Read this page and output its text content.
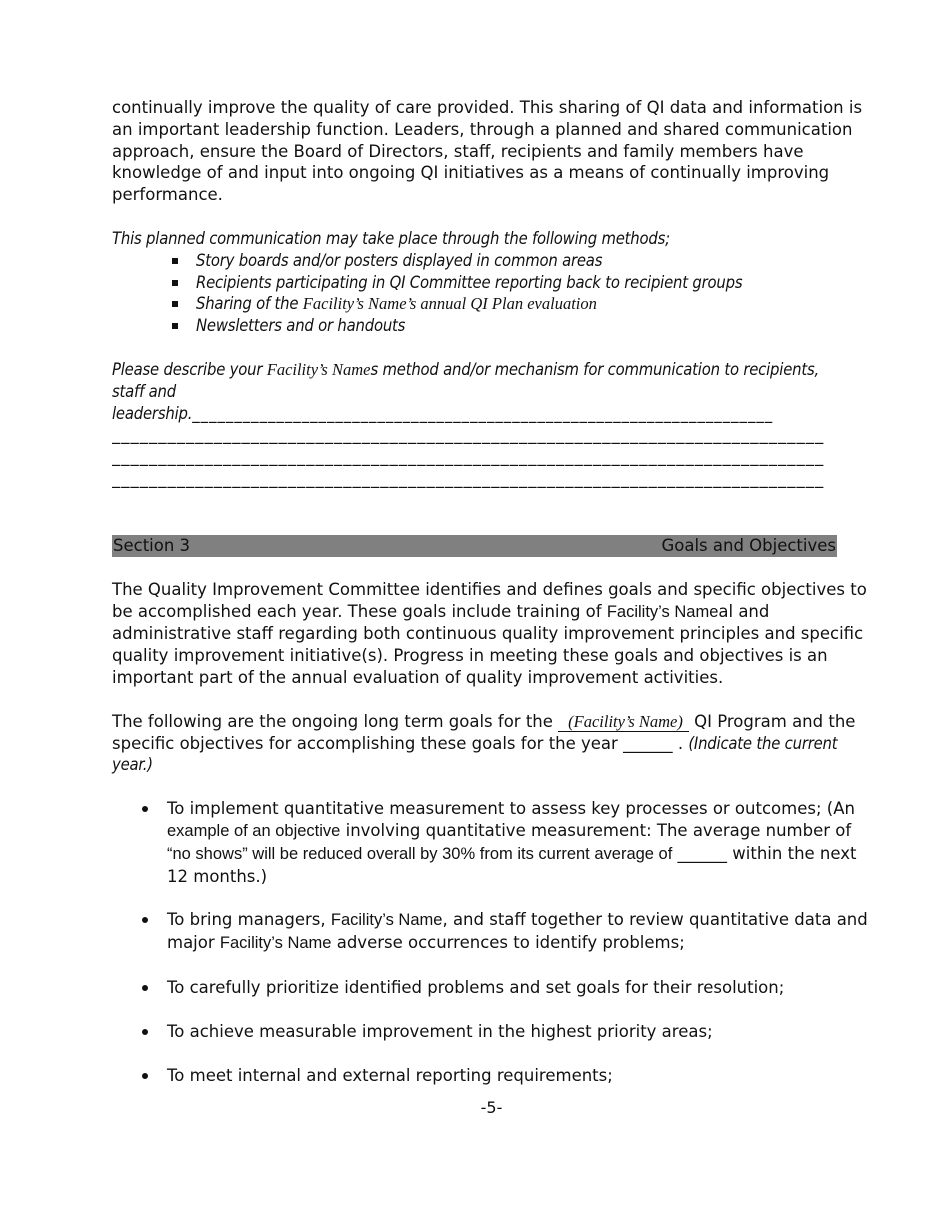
continually improve the quality of care provided. This sharing of QI data and information is

an important leadership function. Leaders, through a planned and shared communication

approach, ensure the Board of Directors, staff, recipients and family members have

knowledge of and input into ongoing QI initiatives as a means of continually improving

performance.

This planned communication may take place through the following methods;

Story boards and/or posters displayed in common areas
Recipients participating in QI Committee reporting back to recipient groups
Sharing of the Facility’s Name’s annual QI Plan evaluation
Newsletters and or handouts

Please describe your Facility’s Names method and/or mechanism for communication to recipients,

staff and

leadership._____________________________________________________________________

_____________________________________________________________________________

_____________________________________________________________________________

_____________________________________________________________________________

Section 3	Goals and Objectives

The Quality Improvement Committee identifies and defines goals and specific objectives to be accomplished each year. These goals include training of Facility’s Nameal and administrative staff regarding both continuous quality improvement principles and specific quality improvement initiative(s). Progress in meeting these goals and objectives is an important part of the annual evaluation of quality improvement activities.

The following are the ongoing long term goals for the (Facility’s Name) QI Program and the specific objectives for accomplishing these goals for the year ______ . (Indicate the current year.)

To implement quantitative measurement to assess key processes or outcomes; (An example of an objective involving quantitative measurement: The average number of “no shows” will be reduced overall by 30% from its current average of ______ within the next 12 months.)
To bring managers, Facility’s Name, and staff together to review quantitative data and major Facility’s Name adverse occurrences to identify problems;
To carefully prioritize identified problems and set goals for their resolution;
To achieve measurable improvement in the highest priority areas;
To meet internal and external reporting requirements;
-5-
